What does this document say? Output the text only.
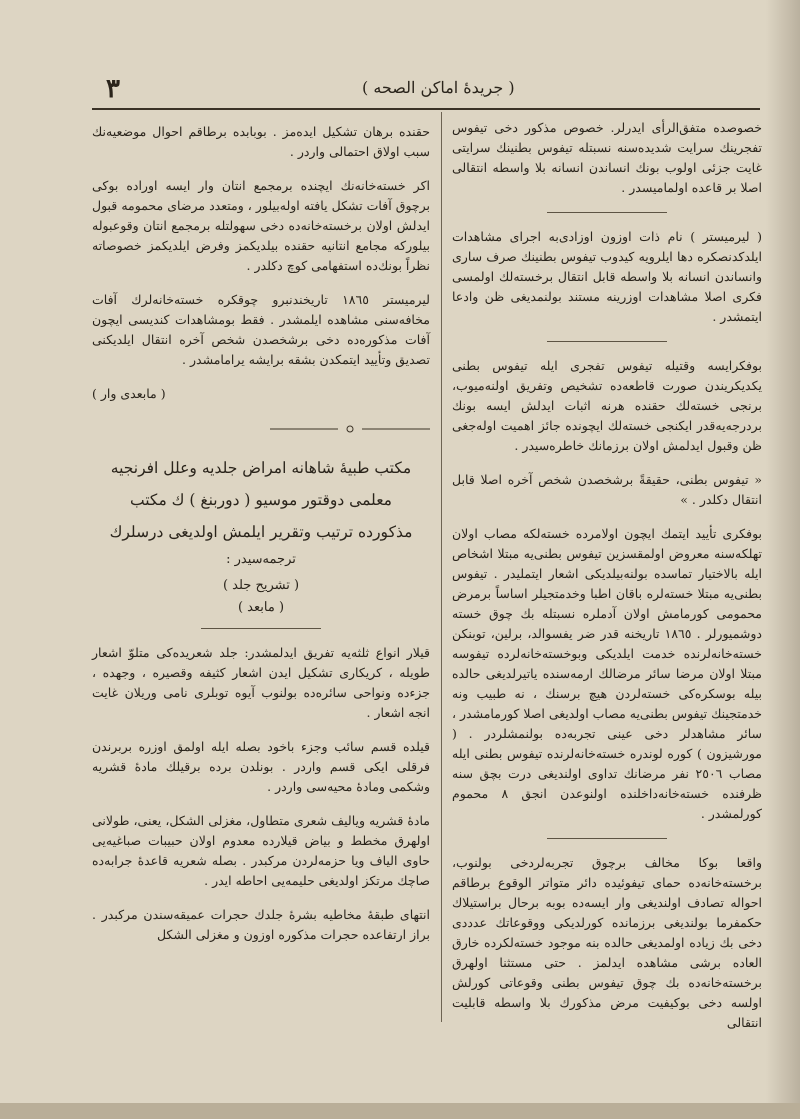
٣	( جريدهٔ اماكن الصحه )

خصوصده متفق‌الرأی ايدرلر. خصوص مذكور دخی تيفوس تفجرينك سرايت شديده‌سنه نسبتله تيفوس بطنينك سرايتی غايت جزئی اولوب بونك انساندن انسانه بلا واسطه انتقالی اصلا بر قاعده اولماميسدر .

( ليرميستر ) نام ذات اوزون اوزادی‌به اجرای مشاهدات ايلدكدنصكره دها ايلرويه كيدوب تيفوس بطنينك صرف ساری وانساندن انسانه بلا واسطه قابل انتقال برخسته‌لك اولمسی فكری اصلا مشاهدات اوزرينه مستند بولنمديغی ظن وادعا ايتمشدر .

بوفكرايسه وقتيله تيفوس تفجری ايله تيفوس بطنی يكديكريندن صورت قاطعه‌ده تشخيص وتفريق اولنه‌ميوب، برنجی خسته‌لك حقنده هرنه اثبات ايدلش ايسه بونك بردرجه‌يه‌قدر ايكنجی خسته‌لك ايچونده جائز اهميت اوله‌جغی ظن وقبول ايدلمش اولان برزمانك خاطره‌سيدر .

« تيفوس بطنی، حقيقةً برشخصدن شخص آخره اصلا قابل انتقال دكلدر . »

بوفكری تأييد ايتمك ايچون اولامرده خسته‌لكه مصاب اولان تهلكه‌سنه معروض اولمقسزين تيفوس بطنی‌يه مبتلا اشخاص ايله بالاختيار تماسده بولنه‌بيلديكی اشعار ايتمليدر . تيفوس بطنی‌يه مبتلا خسته‌لره باقان اطبا وخدمتجيلر اساساً برمرض محمومی كورمامش اولان آدملره نسبتله بك چوق خسته دوشميورلر . ١٨٦٥ تاريخنه قدر ضر يفسوالد، برلين، توبنكن خسته‌خانه‌لرنده خدمت ايلديكی وبوخسته‌خانه‌لرده تيفوسه مبتلا اولان مرضا سائر مرضالك ارمه‌سنده ياتيرلديغی حالده بيله بوسكره‌كی خسته‌لردن هيچ برسنك ، نه طبيب ونه خدمتجينك تيفوس بطنی‌يه مصاب اولديغی اصلا كورمامشدر ، سائر مشاهدلر دخی عينی تجربه‌ده بولنمشلردر . ( مورشيزون ) كوره لوندره خسته‌خانه‌لرنده تيفوس بطنی ايله مصاب ٢٥٠٦ نفر مرضانك تداوی اولنديغی درت بچق سنه ظرفنده خسته‌خانه‌داخلنده اولنوعدن انجق ٨ محموم كورلمشدر .

واقعا بوكا مخالف برچوق تجربه‌لردخی بولنوب، برخسته‌خانه‌ده حمای تيفوئيده دائر متواتر الوقوع برطاقم احواله تصادف اولنديغی وار ايسه‌ده بوبه برحال براستيلاك حكمفرما بولنديغی برزمانده كورلديكی ووقوعاتك عدددی دخی بك زياده اولمديغی حالده بنه موجود خسته‌لكرده خارق العاده برشی مشاهده ايدلمز . حتی مستثنا اولهرق برخسته‌خانه‌ده بك چوق تيفوس بطنی وقوعاتی كورلش اولسه دخی بوكيفيت مرض مذكورك بلا واسطه قابليت انتقالی

حقنده برهان تشكيل ايدەمز . بوبابده برطاقم احوال موضعيه‌نك سبب اولاق احتمالی واردر .

اكر خسته‌خانه‌نك ايچنده برمجمع انتان وار ايسه اوراده بوكی برچوق آفات تشكل يافته اوله‌بيلور ، ومتعدد مرضای محمومه قبول ايدلش اولان برخسته‌خانه‌ده دخی سهولتله برمجمع انتان وقوعبوله بيلوركه مجامع انتانيه حقنده بيلديكمز وفرض ايلديكمز خصوصاته نظراً بونك‌ده استفهامی كوچ دكلدر .

ليرميستر ١٨٦٥ تاريخندنبرو چوقكره خسته‌خانه‌لرك آفات مخافه‌سنی مشاهده ايلمشدر . فقط بومشاهدات كنديسی ايچون آفات مذكوره‌ده دخی برشخصدن شخص آخره انتقال ايلديكنی تصديق وتأييد ايتمكدن بشقه برايشه يرامامشدر .

( مابعدی وار )
مكتب طبيهٔ شاهانه امراض جلديه وعلل افرنجيه
معلمی دوقتور موسيو ( دوربنغ ) ك مكتب
مذكورده ترتيب وتقرير ايلمش اولديغی درسلرك
ترجمه‌سيدر :
( تشريح جلد )
( مابعد )

قيلار انواع ثلثه‌يه تفريق ايدلمشدر: جلد شعريده‌كی متلوّ اشعار طويله ، كريكاری تشكيل ايدن اشعار كثيفه وقصيره ، وجهده ، جزءده ونواحی سائره‌ده بولنوب آيوه توبلری نامی وريلان غايت انجه اشعار .

قيلده قسم سائب وجزء باخود بصله ايله اولمق اوزره بربرندن فرقلی ايكی قسم واردر . بونلدن برده برقيلك مادهٔ قشريه وشكمی ومادهٔ محيه‌سی واردر .

مادهٔ قشريه وياليف شعری متطاول، مغزلی الشكل، يعنی، طولانی اولهرق مخطط و بياض قيلارده معدوم اولان حبيبات صباغيه‌يی حاوی الياف ويا حزمه‌لردن مركبدر . بصله شعريه قاعدهٔ جرابه‌ده صاچك مرتكز اولديغی حليمه‌يی احاطه ايدر .

انتهای طبقهٔ مخاطيه بشرهٔ جلدك حجرات عميقه‌سندن مركبدر . براز ارتفاعده حجرات مذكوره اوزون و مغزلی الشكل
